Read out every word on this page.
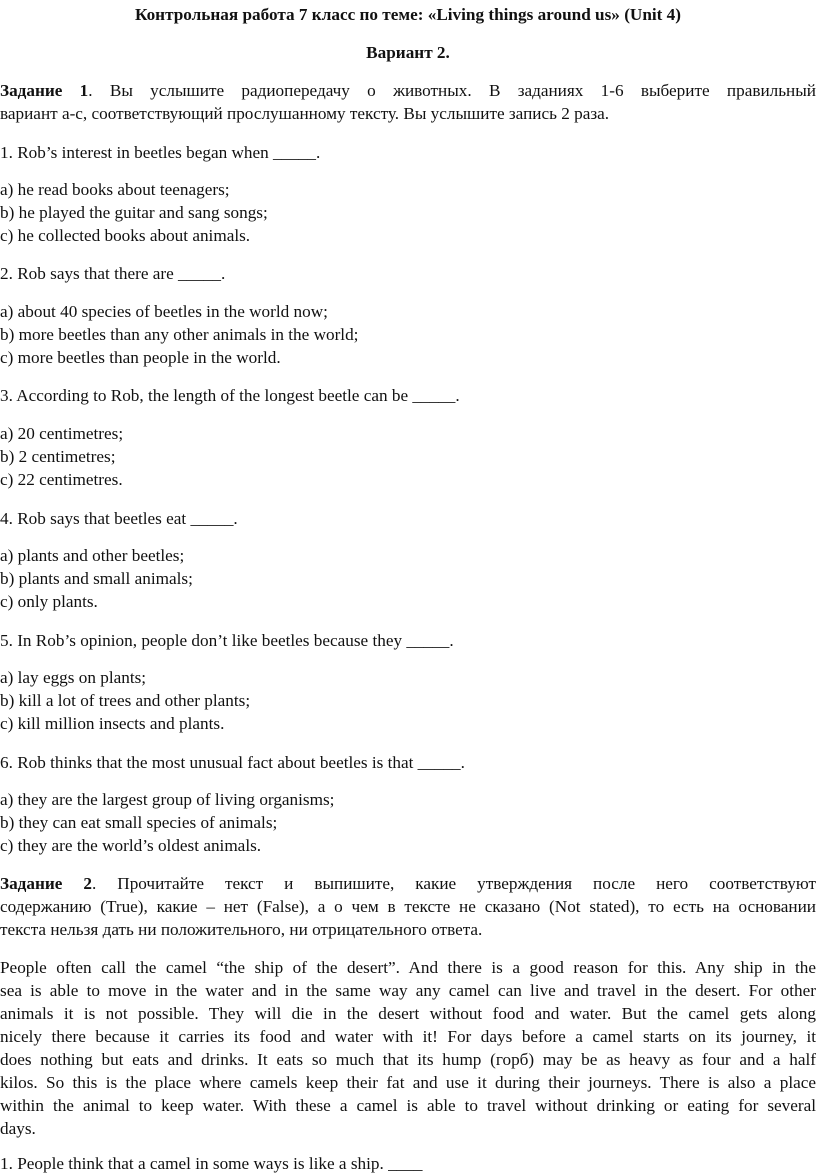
Контрольная работа 7 класс по теме: «Living things around us» (Unit 4)

Вариант 2.

Задание 1. Вы услышите радиопередачу о животных. В заданиях 1-6 выберите правильный

вариант a-c, соответствующий прослушанному тексту. Вы услышите запись 2 раза.

1. Rob’s interest in beetles began when _____.

a) he read books about teenagers;

b) he played the guitar and sang songs;

c) he collected books about animals.

2. Rob says that there are _____.

a) about 40 species of beetles in the world now;

b) more beetles than any other animals in the world;

c) more beetles than people in the world.

3. According to Rob, the length of the longest beetle can be _____.

a) 20 centimetres;

b) 2 centimetres;

c) 22 centimetres.

4. Rob says that beetles eat _____.

a) plants and other beetles;

b) plants and small animals;

c) only plants.

5. In Rob’s opinion, people don’t like beetles because they _____.

a) lay eggs on plants;

b) kill a lot of trees and other plants;

c) kill million insects and plants.

6. Rob thinks that the most unusual fact about beetles is that _____.

a) they are the largest group of living organisms;

b) they can eat small species of animals;

c) they are the world’s oldest animals.

Задание 2. Прочитайте текст и выпишите, какие утверждения после него соответствуют

содержанию (True), какие – нет (False), а о чем в тексте не сказано (Not stated), то есть на основании

текста нельзя дать ни положительного, ни отрицательного ответа.

People often call the camel “the ship of the desert”. And there is a good reason for this. Any ship in the

sea is able to move in the water and in the same way any camel can live and travel in the desert. For other

animals it is not possible. They will die in the desert without food and water. But the camel gets along

nicely there because it carries its food and water with it! For days before a camel starts on its journey, it

does nothing but eats and drinks. It eats so much that its hump (горб) may be as heavy as four and a half

kilos. So this is the place where camels keep their fat and use it during their journeys. There is also a place

within the animal to keep water. With these a camel is able to travel without drinking or eating for several

days.

1. People think that a camel in some ways is like a ship. ____
